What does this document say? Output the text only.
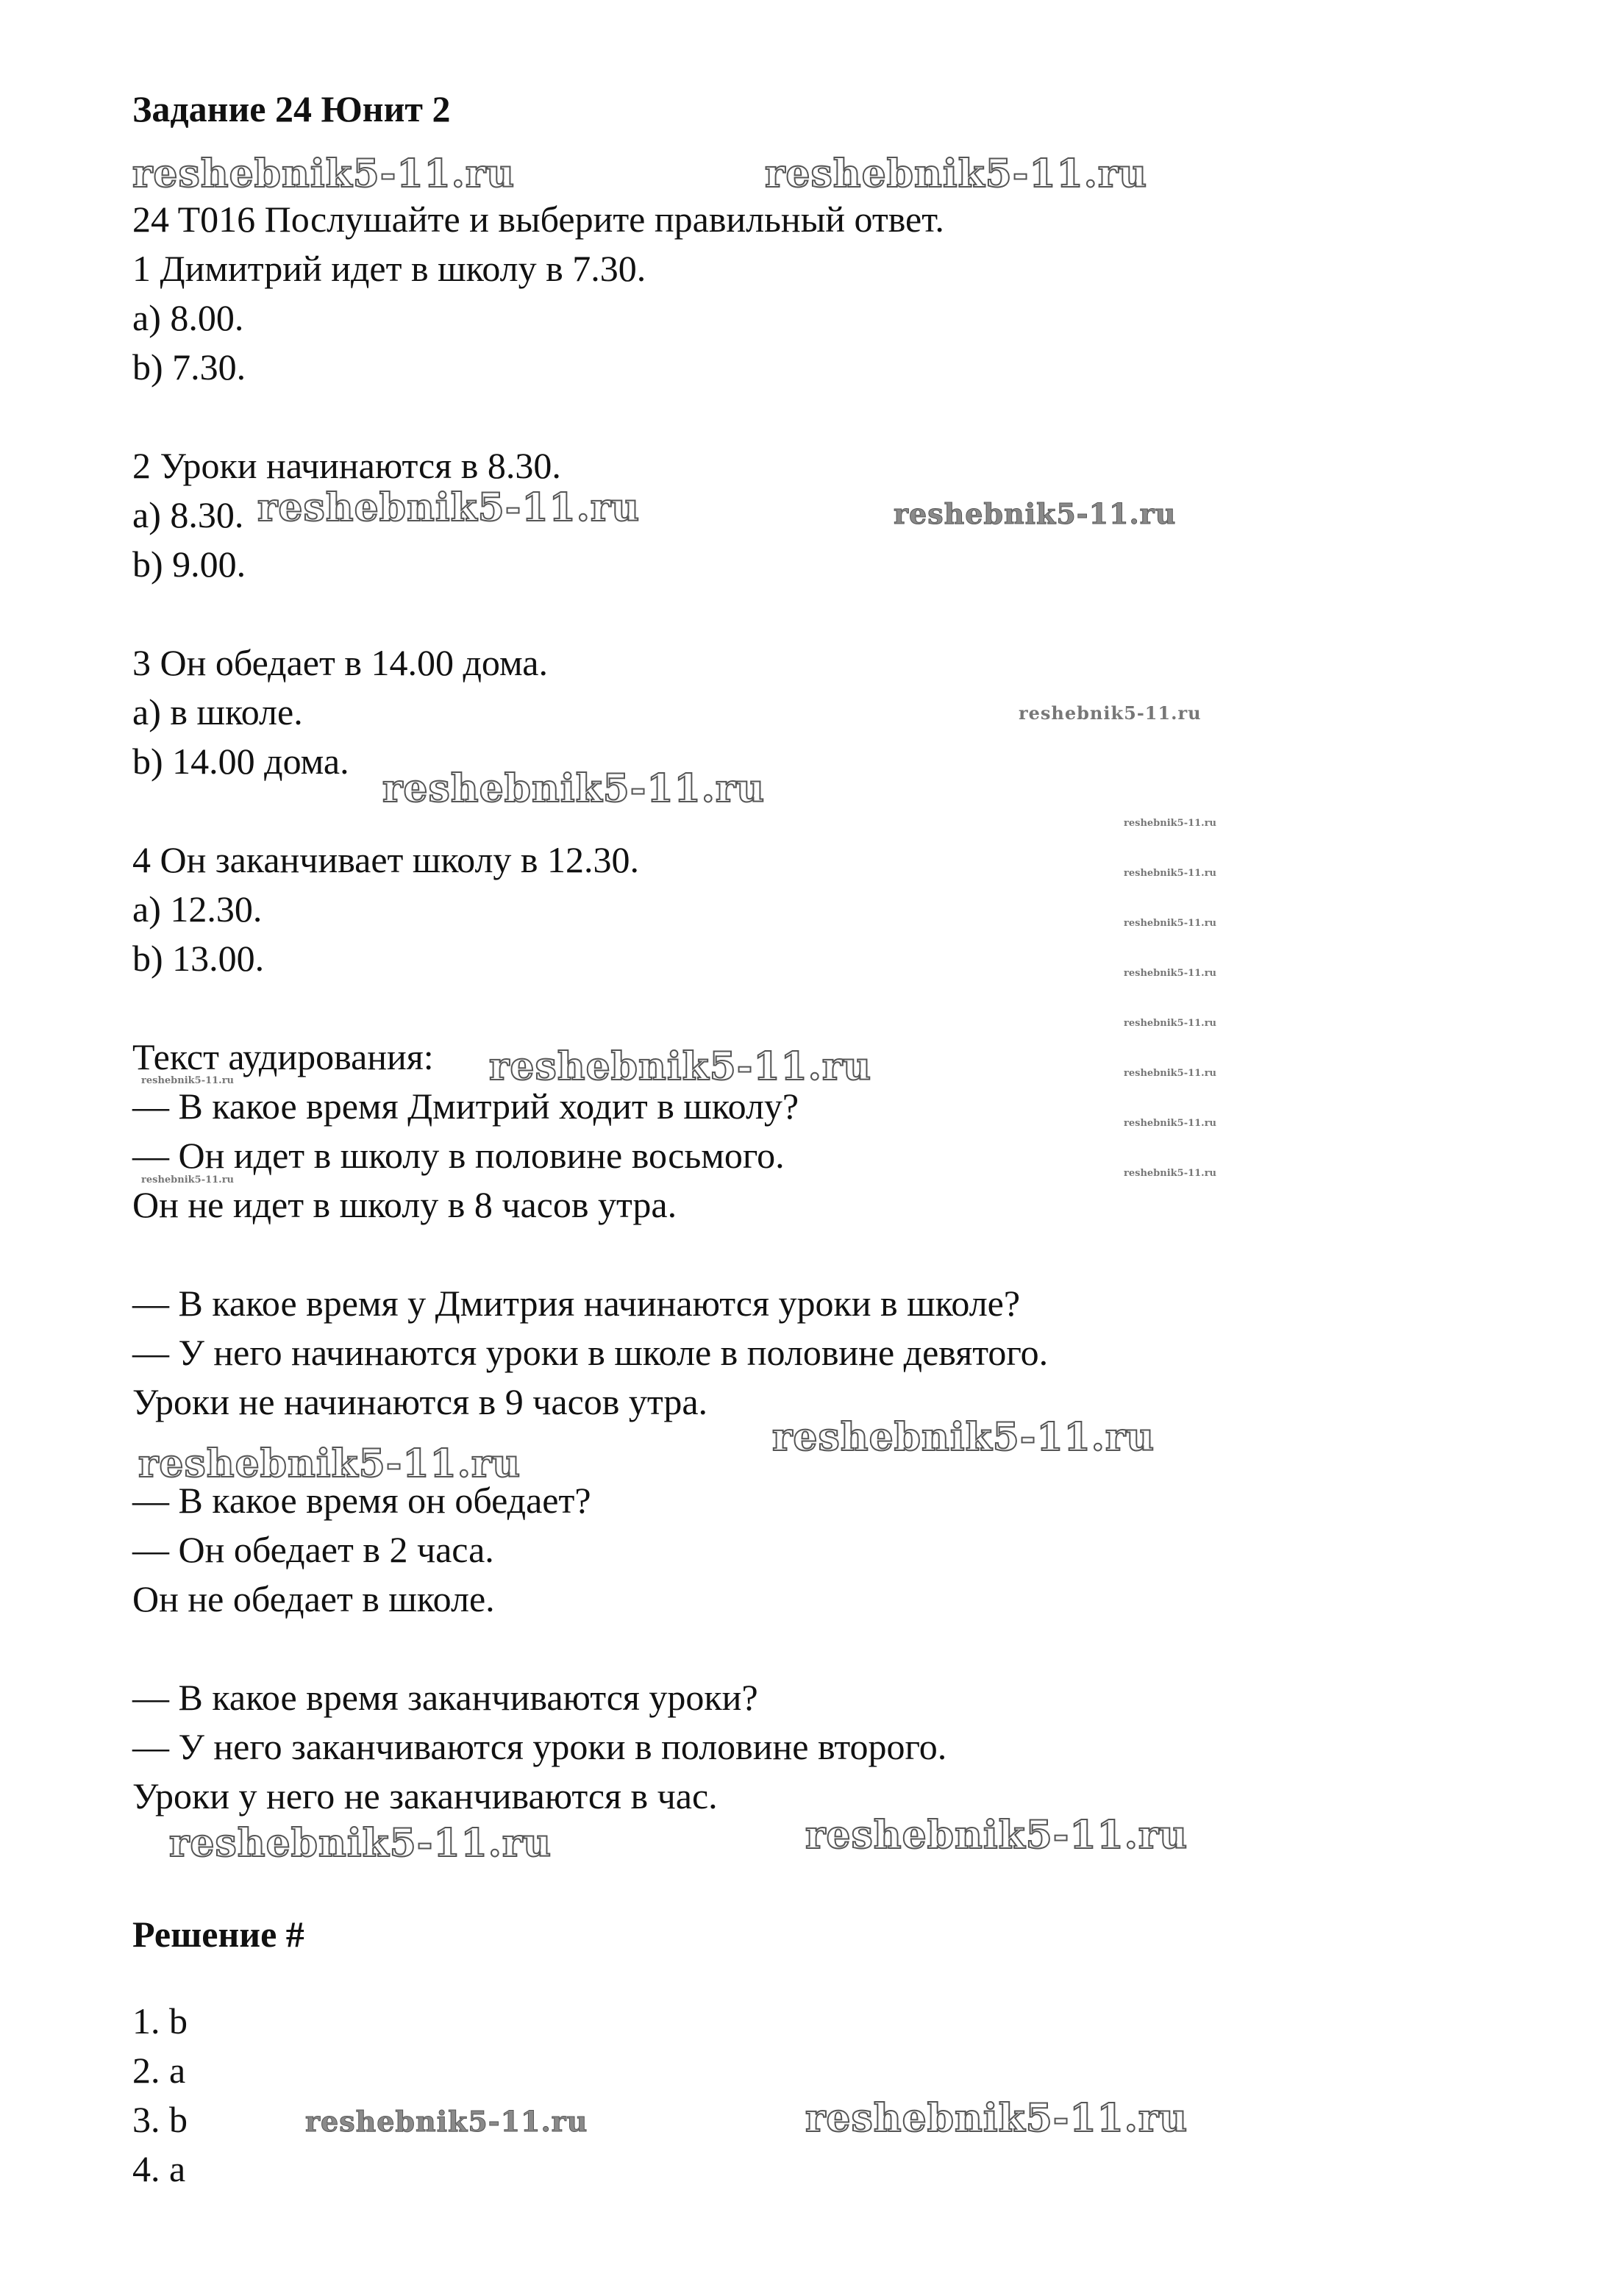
Задание 24 Юнит 2
24 T016 Послушайте и выберите правильный ответ.
1 Димитрий идет в школу в 7.30.
a) 8.00.
b) 7.30.
2 Уроки начинаются в 8.30.
a) 8.30.
b) 9.00.
3 Он обедает в 14.00 дома.
a) в школе.
b) 14.00 дома.
4 Он заканчивает школу в 12.30.
a) 12.30.
b) 13.00.
Текст аудирования:
— В какое время Дмитрий ходит в школу?
— Он идет в школу в половине восьмого.
Он не идет в школу в 8 часов утра.
— В какое время у Дмитрия начинаются уроки в школе?
— У него начинаются уроки в школе в половине девятого.
Уроки не начинаются в 9 часов утра.
— В какое время он обедает?
— Он обедает в 2 часа.
Он не обедает в школе.
— В какое время заканчиваются уроки?
— У него заканчиваются уроки в половине второго.
Уроки у него не заканчиваются в час.
Решение #
1. b
2. a
3. b
4. a
reshebnik5-11.ru	reshebnik5-11.ru
reshebnik5-11.ru	reshebnik5-11.ru
reshebnik5-11.ru
reshebnik5-11.ru
reshebnik5-11.ru
reshebnik5-11.ru
reshebnik5-11.ru
reshebnik5-11.ru
reshebnik5-11.ru
reshebnik5-11.ru
reshebnik5-11.ru
reshebnik5-11.ru
reshebnik5-11.ru
reshebnik5-11.ru
reshebnik5-11.ru
reshebnik5-11.ru
reshebnik5-11.ru
reshebnik5-11.ru
reshebnik5-11.ru
reshebnik5-11.ru	reshebnik5-11.ru
